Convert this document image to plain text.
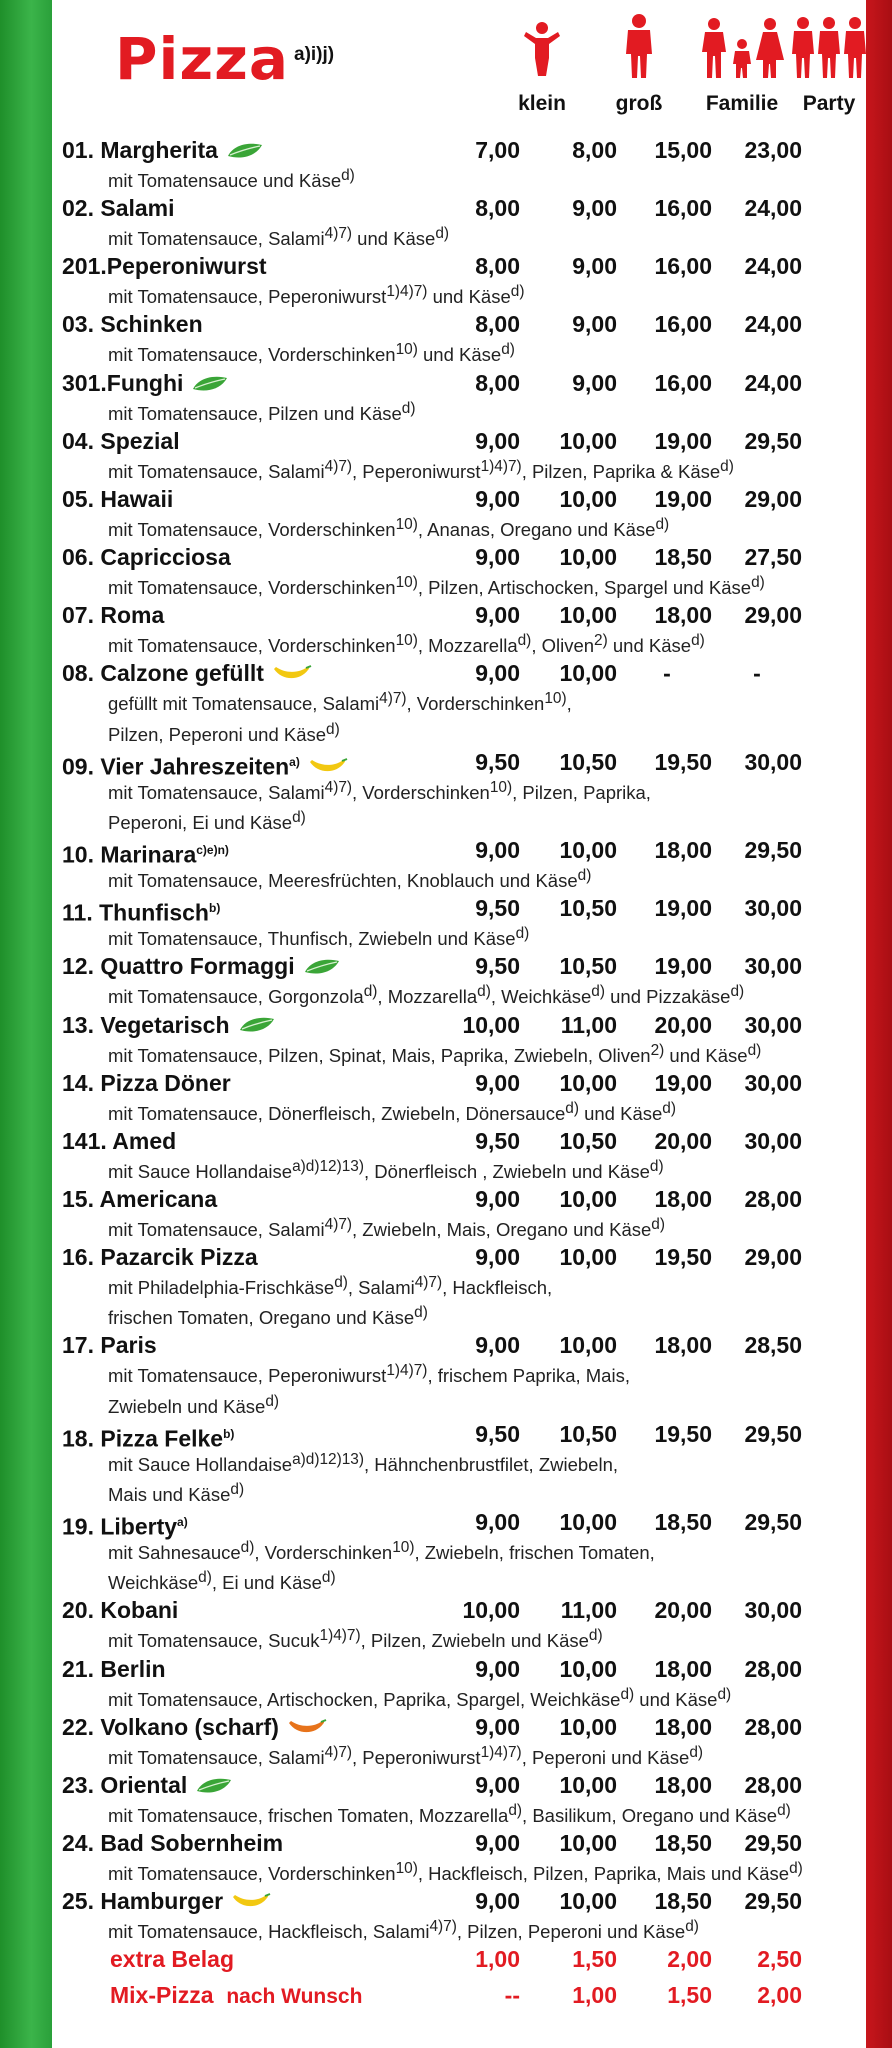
Pizza a)i)j)
klein	groß	Familie	Party
01. Margherita	7,00	8,00	15,00	23,00
mit Tomatensauce und Käse$^{d)}$
02. Salami	8,00	9,00	16,00	24,00
mit Tomatensauce, Salami$^{4)7)}$ und Käse$^{d)}$
201.Peperoniwurst	8,00	9,00	16,00	24,00
mit Tomatensauce, Peperoniwurst$^{1)4)7)}$ und Käse$^{d)}$
03. Schinken	8,00	9,00	16,00	24,00
mit Tomatensauce, Vorderschinken$^{10)}$ und Käse$^{d)}$
301.Funghi	8,00	9,00	16,00	24,00
mit Tomatensauce, Pilzen und Käse$^{d)}$
04. Spezial	9,00	10,00	19,00	29,50
mit Tomatensauce, Salami$^{4)7)}$, Peperoniwurst$^{1)4)7)}$, Pilzen, Paprika & Käse$^{d)}$
05. Hawaii	9,00	10,00	19,00	29,00
mit Tomatensauce, Vorderschinken$^{10)}$, Ananas, Oregano und Käse$^{d)}$
06. Capricciosa	9,00	10,00	18,50	27,50
mit Tomatensauce, Vorderschinken$^{10)}$, Pilzen, Artischocken, Spargel und Käse$^{d)}$
07. Roma	9,00	10,00	18,00	29,00
mit Tomatensauce, Vorderschinken$^{10)}$, Mozzarella$^{d)}$, Oliven$^{2)}$ und Käse$^{d)}$
08. Calzone gefüllt	9,00	10,00	-	-
gefüllt mit Tomatensauce, Salami$^{4)7)}$, Vorderschinken$^{10)}$,
Pilzen, Peperoni und Käse$^{d)}$
09. Vier Jahreszeiten$^{a)}$	9,50	10,50	19,50	30,00
mit Tomatensauce, Salami$^{4)7)}$, Vorderschinken$^{10)}$, Pilzen, Paprika,
Peperoni, Ei und Käse$^{d)}$
10. Marinara$^{c)e)n)}$	9,00	10,00	18,00	29,50
mit Tomatensauce, Meeresfrüchten, Knoblauch und Käse$^{d)}$
11. Thunfisch$^{b)}$	9,50	10,50	19,00	30,00
mit Tomatensauce, Thunfisch, Zwiebeln und Käse$^{d)}$
12. Quattro Formaggi	9,50	10,50	19,00	30,00
mit Tomatensauce, Gorgonzola$^{d)}$, Mozzarella$^{d)}$, Weichkäse$^{d)}$ und Pizzakäse$^{d)}$
13. Vegetarisch	10,00	11,00	20,00	30,00
mit Tomatensauce, Pilzen, Spinat, Mais, Paprika, Zwiebeln, Oliven$^{2)}$ und Käse$^{d)}$
14. Pizza Döner	9,00	10,00	19,00	30,00
mit Tomatensauce, Dönerfleisch, Zwiebeln, Dönersauce$^{d)}$ und Käse$^{d)}$
141. Amed	9,50	10,50	20,00	30,00
mit Sauce Hollandaise$^{a)d)12)13)}$, Dönerfleisch , Zwiebeln und Käse$^{d)}$
15. Americana	9,00	10,00	18,00	28,00
mit Tomatensauce, Salami$^{4)7)}$, Zwiebeln, Mais, Oregano und Käse$^{d)}$
16. Pazarcik Pizza	9,00	10,00	19,50	29,00
mit Philadelphia-Frischkäse$^{d)}$, Salami$^{4)7)}$, Hackfleisch,
frischen Tomaten, Oregano und Käse$^{d)}$
17. Paris	9,00	10,00	18,00	28,50
mit Tomatensauce, Peperoniwurst$^{1)4)7)}$, frischem Paprika, Mais,
Zwiebeln und Käse$^{d)}$
18. Pizza Felke$^{b)}$	9,50	10,50	19,50	29,50
mit Sauce Hollandaise$^{a)d)12)13)}$, Hähnchenbrustfilet, Zwiebeln,
Mais und Käse$^{d)}$
19. Liberty$^{a)}$	9,00	10,00	18,50	29,50
mit Sahnesauce$^{d)}$, Vorderschinken$^{10)}$, Zwiebeln, frischen Tomaten,
Weichkäse$^{d)}$, Ei und Käse$^{d)}$
20. Kobani	10,00	11,00	20,00	30,00
mit Tomatensauce, Sucuk$^{1)4)7)}$, Pilzen, Zwiebeln und Käse$^{d)}$
21. Berlin	9,00	10,00	18,00	28,00
mit Tomatensauce, Artischocken, Paprika, Spargel, Weichkäse$^{d)}$ und Käse$^{d)}$
22. Volkano (scharf)	9,00	10,00	18,00	28,00
mit Tomatensauce, Salami$^{4)7)}$, Peperoniwurst$^{1)4)7)}$, Peperoni und Käse$^{d)}$
23. Oriental	9,00	10,00	18,00	28,00
mit Tomatensauce, frischen Tomaten, Mozzarella$^{d)}$, Basilikum, Oregano und Käse$^{d)}$
24. Bad Sobernheim	9,00	10,00	18,50	29,50
mit Tomatensauce, Vorderschinken$^{10)}$, Hackfleisch, Pilzen, Paprika, Mais und Käse$^{d)}$
25. Hamburger	9,00	10,00	18,50	29,50
mit Tomatensauce, Hackfleisch, Salami$^{4)7)}$, Pilzen, Peperoni und Käse$^{d)}$
extra Belag	1,00	1,50	2,00	2,50
Mix-Pizza nach Wunsch	--	1,00	1,50	2,00
